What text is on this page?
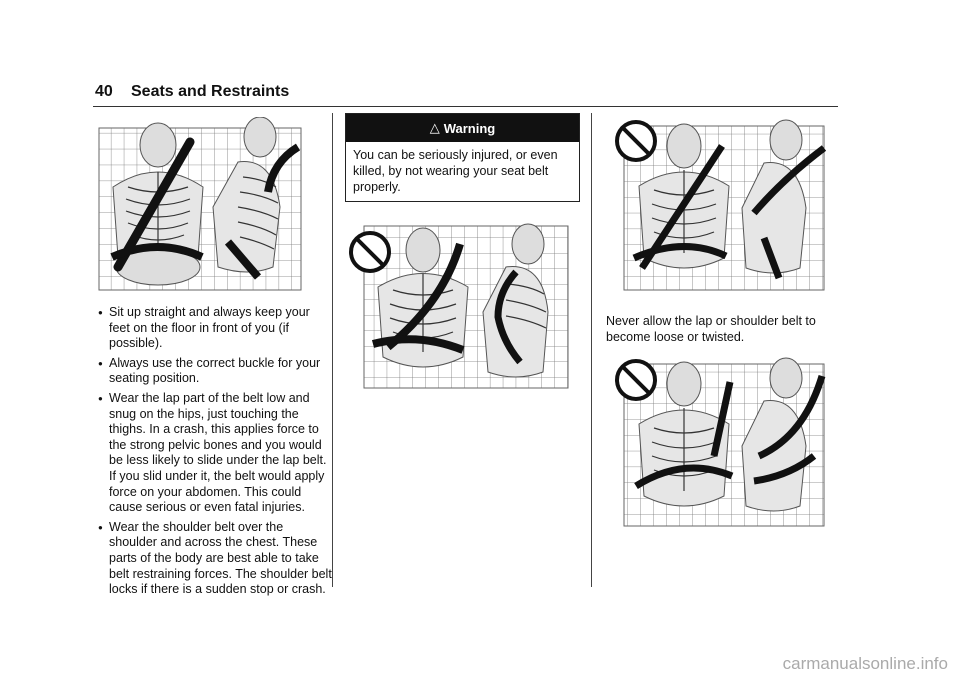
40 Seats and Restraints
● Sit up straight and always keep your feet on the floor in front of you (if possible).
● Always use the correct buckle for your seating position.
● Wear the lap part of the belt low and snug on the hips, just touching the thighs. In a crash, this applies force to the strong pelvic bones and you would be less likely to slide under the lap belt. If you slid under it, the belt would apply force on your abdomen. This could cause serious or even fatal injuries.
● Wear the shoulder belt over the shoulder and across the chest. These parts of the body are best able to take belt restraining forces. The shoulder belt locks if there is a sudden stop or crash.
△ Warning
You can be seriously injured, or even killed, by not wearing your seat belt properly.

Never allow the lap or shoulder belt to become loose or twisted.

carmanualsonline.info
